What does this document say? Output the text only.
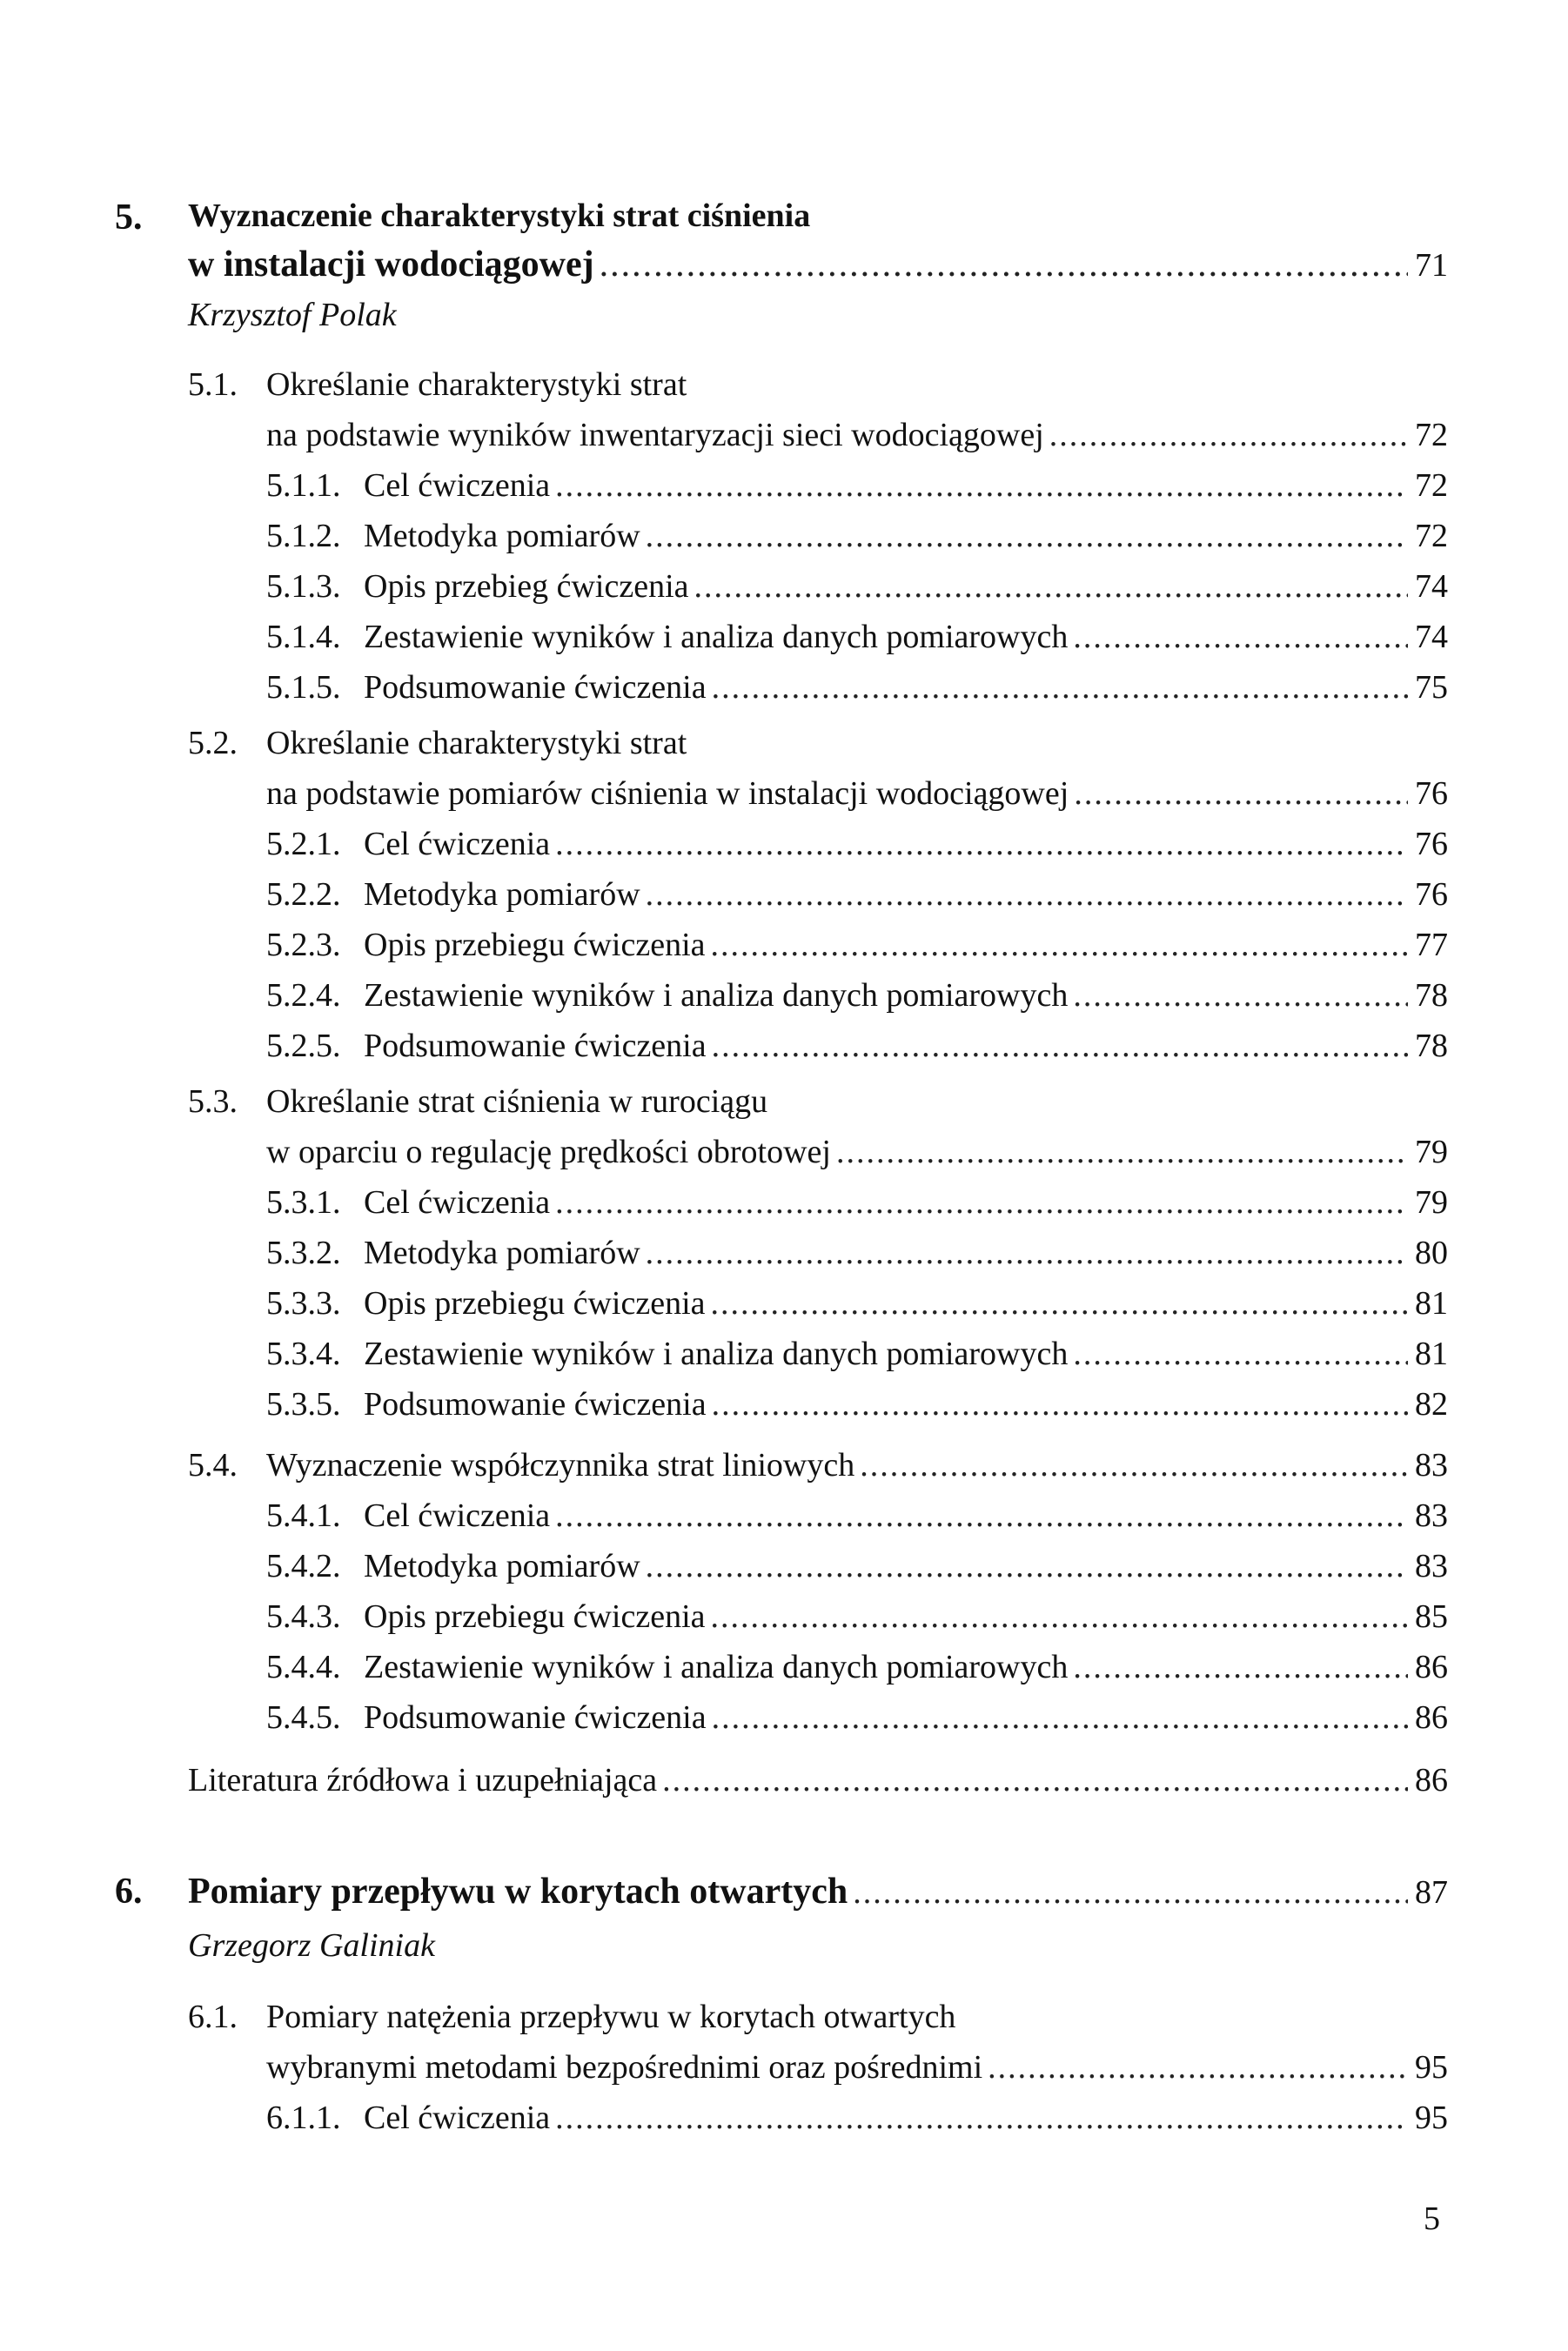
5. Wyznaczenie charakterystyki strat ciśnienia
w instalacji wodociągowej .....	71
Krzysztof Polak
5.1. Określanie charakterystyki strat
na podstawie wyników inwentaryzacji sieci wodociągowej .....	72
5.1.1. Cel ćwiczenia .....	72
5.1.2. Metodyka pomiarów .....	72
5.1.3. Opis przebieg ćwiczenia .....	74
5.1.4. Zestawienie wyników i analiza danych pomiarowych .....	74
5.1.5. Podsumowanie ćwiczenia .....	75
5.2. Określanie charakterystyki strat
na podstawie pomiarów ciśnienia w instalacji wodociągowej .....	76
5.2.1. Cel ćwiczenia .....	76
5.2.2. Metodyka pomiarów .....	76
5.2.3. Opis przebiegu ćwiczenia .....	77
5.2.4. Zestawienie wyników i analiza danych pomiarowych .....	78
5.2.5. Podsumowanie ćwiczenia .....	78
5.3. Określanie strat ciśnienia w rurociągu
w oparciu o regulację prędkości obrotowej .....	79
5.3.1. Cel ćwiczenia .....	79
5.3.2. Metodyka pomiarów .....	80
5.3.3. Opis przebiegu ćwiczenia .....	81
5.3.4. Zestawienie wyników i analiza danych pomiarowych .....	81
5.3.5. Podsumowanie ćwiczenia .....	82
5.4. Wyznaczenie współczynnika strat liniowych .....	83
5.4.1. Cel ćwiczenia .....	83
5.4.2. Metodyka pomiarów .....	83
5.4.3. Opis przebiegu ćwiczenia .....	85
5.4.4. Zestawienie wyników i analiza danych pomiarowych .....	86
5.4.5. Podsumowanie ćwiczenia .....	86
Literatura źródłowa i uzupełniająca .....	86
6. Pomiary przepływu w korytach otwartych .....	87
Grzegorz Galiniak
6.1. Pomiary natężenia przepływu w korytach otwartych
wybranymi metodami bezpośrednimi oraz pośrednimi .....	95
6.1.1. Cel ćwiczenia .....	95
5
